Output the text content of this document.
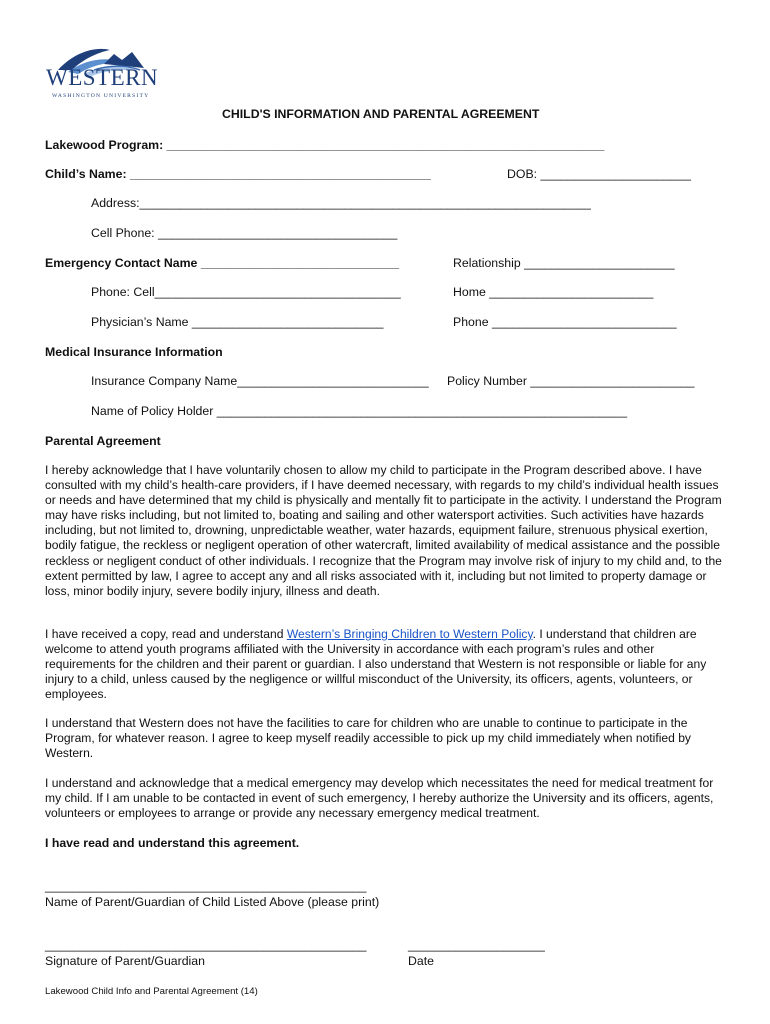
WESTERN
WASHINGTON UNIVERSITY
CHILD'S INFORMATION AND PARENTAL AGREEMENT
Lakewood Program: ________________________________________________________________
Child’s Name: ____________________________________________	DOB: ______________________
Address:__________________________________________________________________
Cell Phone: ___________________________________
Emergency Contact Name _____________________________	Relationship ______________________
Phone: Cell____________________________________	Home ________________________
Physician’s Name ____________________________	Phone ___________________________
Medical Insurance Information
Insurance Company Name____________________________ Policy Number ________________________
Name of Policy Holder ____________________________________________________________
Parental Agreement
I hereby acknowledge that I have voluntarily chosen to allow my child to participate in the Program described above. I have consulted with my child’s health-care providers, if I have deemed necessary, with regards to my child’s individual health issues or needs and have determined that my child is physically and mentally fit to participate in the activity. I understand the Program may have risks including, but not limited to, boating and sailing and other watersport activities. Such activities have hazards including, but not limited to, drowning, unpredictable weather, water hazards, equipment failure, strenuous physical exertion, bodily fatigue, the reckless or negligent operation of other watercraft, limited availability of medical assistance and the possible reckless or negligent conduct of other individuals. I recognize that the Program may involve risk of injury to my child and, to the extent permitted by law, I agree to accept any and all risks associated with it, including but not limited to property damage or loss, minor bodily injury, severe bodily injury, illness and death.
I have received a copy, read and understand Western’s Bringing Children to Western Policy. I understand that children are welcome to attend youth programs affiliated with the University in accordance with each program’s rules and other requirements for the children and their parent or guardian. I also understand that Western is not responsible or liable for any injury to a child, unless caused by the negligence or willful misconduct of the University, its officers, agents, volunteers, or employees.
I understand that Western does not have the facilities to care for children who are unable to continue to participate in the Program, for whatever reason. I agree to keep myself readily accessible to pick up my child immediately when notified by Western.
I understand and acknowledge that a medical emergency may develop which necessitates the need for medical treatment for my child. If I am unable to be contacted in event of such emergency, I hereby authorize the University and its officers, agents, volunteers or employees to arrange or provide any necessary emergency medical treatment.
I have read and understand this agreement.
_______________________________________________
Name of Parent/Guardian of Child Listed Above (please print)
_______________________________________________
Signature of Parent/Guardian
____________________
Date
Lakewood Child Info and Parental Agreement (14)
